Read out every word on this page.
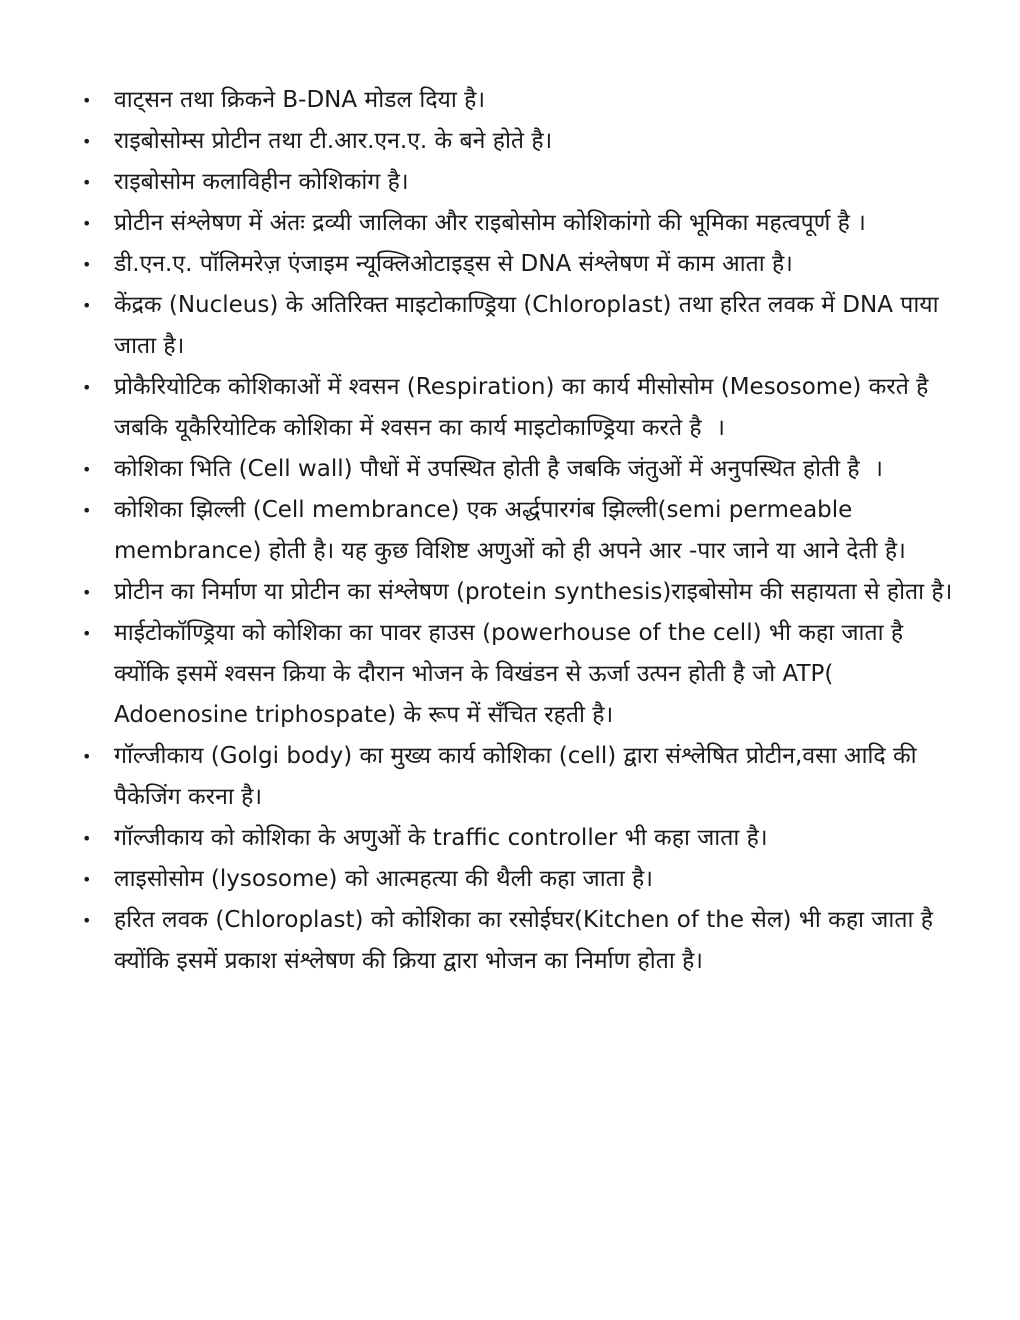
• वाट्सन तथा क्रिकने B-DNA मोडल दिया है।
• राइबोसोम्स प्रोटीन तथा टी.आर.एन.ए. के बने होते है।
• राइबोसोम कलाविहीन कोशिकांग है।
• प्रोटीन संश्लेषण में अंतः द्रव्यी जालिका और राइबोसोम कोशिकांगो की भूमिका महत्वपूर्ण है ।
• डी.एन.ए. पॉलिमरेज़ एंजाइम न्यूक्लिओटाइड्स से DNA संश्लेषण में काम आता है।
• केंद्रक (Nucleus) के अतिरिक्त माइटोकाण्ड्रिया (Chloroplast) तथा हरित लवक में DNA पाया जाता है।
• प्रोकैरियोटिक कोशिकाओं में श्वसन (Respiration) का कार्य मीसोसोम (Mesosome) करते है जबकि यूकैरियोटिक कोशिका में श्वसन का कार्य माइटोकाण्ड्रिया करते है  ।
• कोशिका भिति (Cell wall) पौधों में उपस्थित होती है जबकि जंतुओं में अनुपस्थित होती है  ।
• कोशिका झिल्ली (Cell membrance) एक अर्द्धपारगंब झिल्ली(semi permeable membrance) होती है। यह कुछ विशिष्ट अणुओं को ही अपने आर -पार जाने या आने देती है।
• प्रोटीन का निर्माण या प्रोटीन का संश्लेषण (protein synthesis)राइबोसोम की सहायता से होता है।
• माईटोकॉण्ड्रिया को कोशिका का पावर हाउस (powerhouse of the cell) भी कहा जाता है क्योंकि इसमें श्वसन क्रिया के दौरान भोजन के विखंडन से ऊर्जा उत्पन होती है जो ATP( Adoenosine triphospate) के रूप में सँचित रहती है।
• गॉल्जीकाय (Golgi body) का मुख्य कार्य कोशिका (cell) द्वारा संश्लेषित प्रोटीन,वसा आदि की पैकेजिंग करना है।
• गॉल्जीकाय को कोशिका के अणुओं के traffic controller भी कहा जाता है।
• लाइसोसोम (lysosome) को आत्महत्या की थैली कहा जाता है।
• हरित लवक (Chloroplast) को कोशिका का रसोईघर(Kitchen of the सेल) भी कहा जाता है क्योंकि इसमें प्रकाश संश्लेषण की क्रिया द्वारा भोजन का निर्माण होता है।
